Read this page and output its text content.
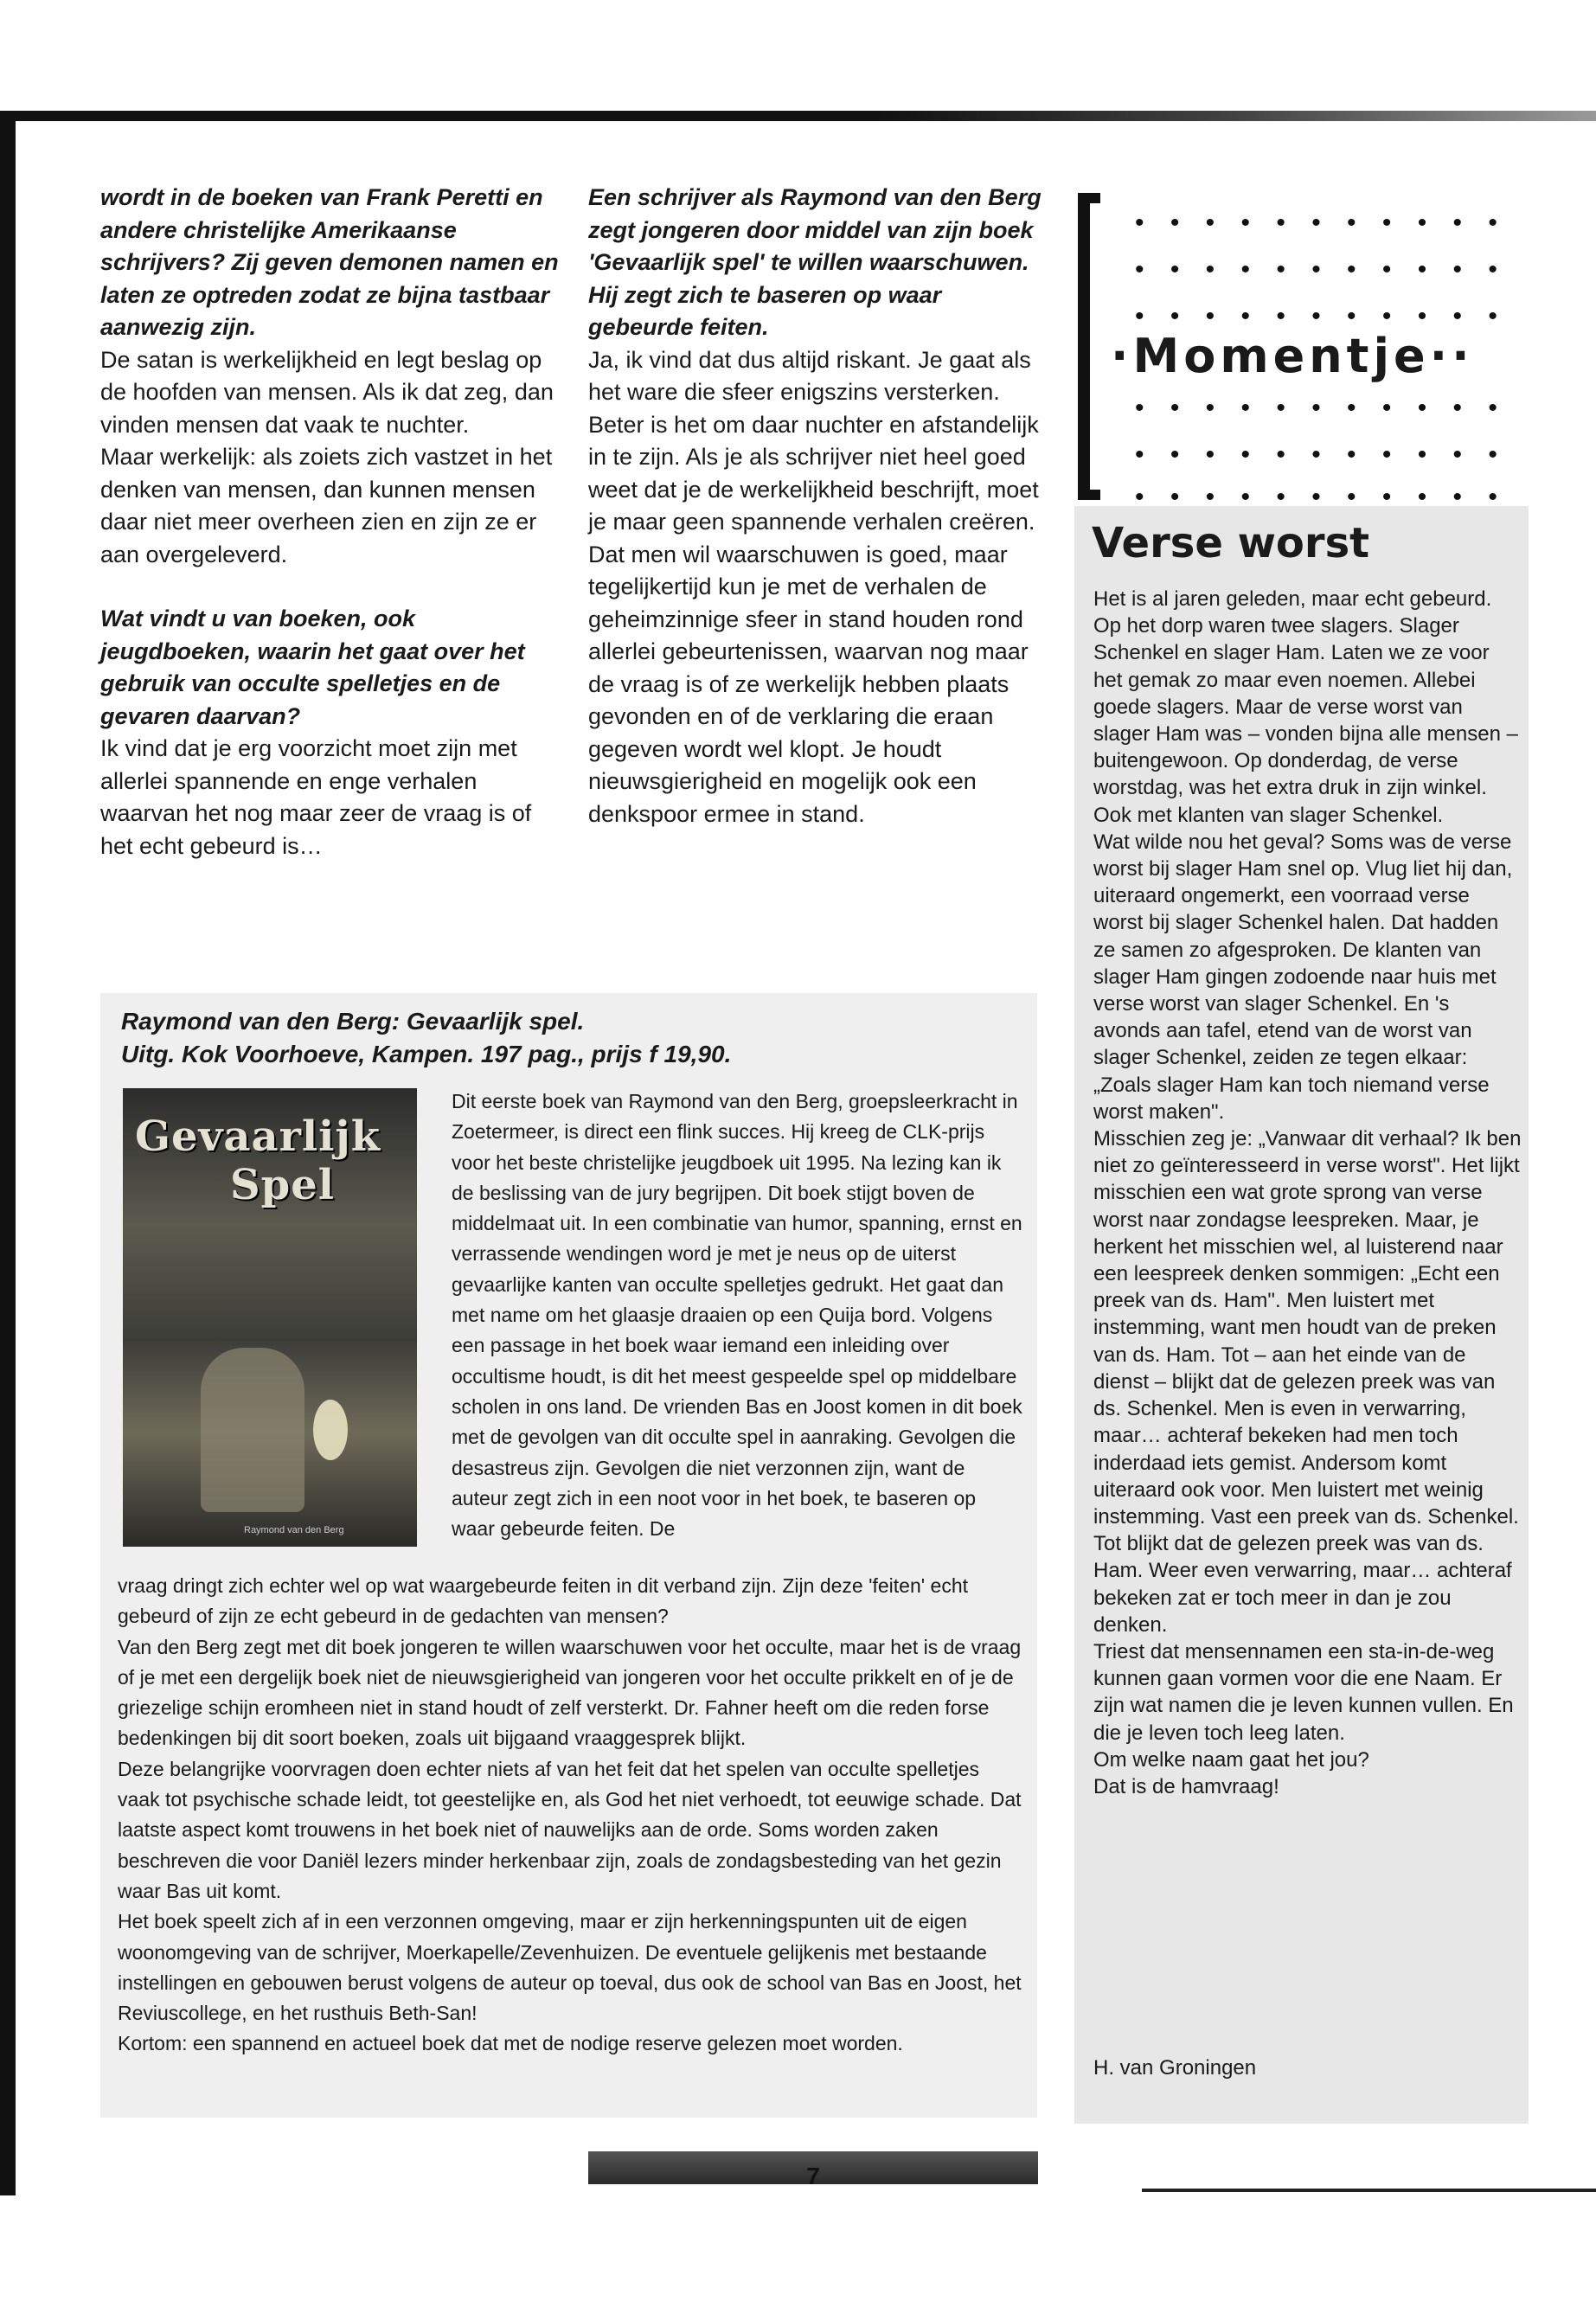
wordt in de boeken van Frank Peretti en andere christelijke Amerikaanse schrijvers? Zij geven demonen namen en laten ze optreden zodat ze bijna tastbaar aanwezig zijn.

De satan is werkelijkheid en legt beslag op de hoofden van mensen. Als ik dat zeg, dan vinden mensen dat vaak te nuchter.

Maar werkelijk: als zoiets zich vastzet in het denken van mensen, dan kunnen mensen daar niet meer overheen zien en zijn ze er aan overgeleverd.

Wat vindt u van boeken, ook jeugdboeken, waarin het gaat over het gebruik van occulte spelletjes en de gevaren daarvan?

Ik vind dat je erg voorzicht moet zijn met allerlei spannende en enge verhalen waarvan het nog maar zeer de vraag is of het echt gebeurd is…

Een schrijver als Raymond van den Berg zegt jongeren door middel van zijn boek 'Gevaarlijk spel' te willen waarschuwen. Hij zegt zich te baseren op waar gebeurde feiten.

Ja, ik vind dat dus altijd riskant. Je gaat als het ware die sfeer enigszins versterken. Beter is het om daar nuchter en afstandelijk in te zijn. Als je als schrijver niet heel goed weet dat je de werkelijkheid beschrijft, moet je maar geen spannende verhalen creëren.

Dat men wil waarschuwen is goed, maar tegelijkertijd kun je met de verhalen de geheimzinnige sfeer in stand houden rond allerlei gebeurtenissen, waarvan nog maar de vraag is of ze werkelijk hebben plaats gevonden en of de verklaring die eraan gegeven wordt wel klopt. Je houdt nieuwsgierigheid en mogelijk ook een denkspoor ermee in stand.

Raymond van den Berg: Gevaarlijk spel.
Uitg. Kok Voorhoeve, Kampen. 197 pag., prijs f 19,90.
Gevaarlijk
Spel
Raymond van den Berg

Dit eerste boek van Raymond van den Berg, groepsleerkracht in Zoetermeer, is direct een flink succes. Hij kreeg de CLK-prijs voor het beste christelijke jeugdboek uit 1995. Na lezing kan ik de beslissing van de jury begrijpen. Dit boek stijgt boven de middelmaat uit. In een combinatie van humor, spanning, ernst en verrassende wendingen word je met je neus op de uiterst gevaarlijke kanten van occulte spelletjes gedrukt. Het gaat dan met name om het glaasje draaien op een Quija bord. Volgens een passage in het boek waar iemand een inleiding over occultisme houdt, is dit het meest gespeelde spel op middelbare scholen in ons land. De vrienden Bas en Joost komen in dit boek met de gevolgen van dit occulte spel in aanraking. Gevolgen die desastreus zijn. Gevolgen die niet verzonnen zijn, want de auteur zegt zich in een noot voor in het boek, te baseren op waar gebeurde feiten. De

vraag dringt zich echter wel op wat waargebeurde feiten in dit verband zijn. Zijn deze 'feiten' echt gebeurd of zijn ze echt gebeurd in de gedachten van mensen?

Van den Berg zegt met dit boek jongeren te willen waarschuwen voor het occulte, maar het is de vraag of je met een dergelijk boek niet de nieuwsgierigheid van jongeren voor het occulte prikkelt en of je de griezelige schijn eromheen niet in stand houdt of zelf versterkt. Dr. Fahner heeft om die reden forse bedenkingen bij dit soort boeken, zoals uit bijgaand vraaggesprek blijkt.

Deze belangrijke voorvragen doen echter niets af van het feit dat het spelen van occulte spelletjes vaak tot psychische schade leidt, tot geestelijke en, als God het niet verhoedt, tot eeuwige schade. Dat laatste aspect komt trouwens in het boek niet of nauwelijks aan de orde. Soms worden zaken beschreven die voor Daniël lezers minder herkenbaar zijn, zoals de zondagsbesteding van het gezin waar Bas uit komt.

Het boek speelt zich af in een verzonnen omgeving, maar er zijn herkenningspunten uit de eigen woonomgeving van de schrijver, Moerkapelle/Zevenhuizen. De eventuele gelijkenis met bestaande instellingen en gebouwen berust volgens de auteur op toeval, dus ook de school van Bas en Joost, het Reviuscollege, en het rusthuis Beth-San!

Kortom: een spannend en actueel boek dat met de nodige reserve gelezen moet worden.

7
• • • • • • • • • • •
• • • • • • • • • • •
• • • • • • • • • • •
·Momentje··
• • • • • • • • • • •
• • • • • • • • • • •
• • • • • • • • • • •
Verse worst

Het is al jaren geleden, maar echt gebeurd. Op het dorp waren twee slagers. Slager Schenkel en slager Ham. Laten we ze voor het gemak zo maar even noemen. Allebei goede slagers. Maar de verse worst van slager Ham was – vonden bijna alle mensen – buitengewoon. Op donderdag, de verse worstdag, was het extra druk in zijn winkel. Ook met klanten van slager Schenkel.

Wat wilde nou het geval? Soms was de verse worst bij slager Ham snel op. Vlug liet hij dan, uiteraard ongemerkt, een voorraad verse worst bij slager Schenkel halen. Dat hadden ze samen zo afgesproken. De klanten van slager Ham gingen zodoende naar huis met verse worst van slager Schenkel. En 's avonds aan tafel, etend van de worst van slager Schenkel, zeiden ze tegen elkaar: „Zoals slager Ham kan toch niemand verse worst maken".

Misschien zeg je: „Vanwaar dit verhaal? Ik ben niet zo geïnteresseerd in verse worst". Het lijkt misschien een wat grote sprong van verse worst naar zondagse leespreken. Maar, je herkent het misschien wel, al luisterend naar een leespreek denken sommigen: „Echt een preek van ds. Ham". Men luistert met instemming, want men houdt van de preken van ds. Ham. Tot – aan het einde van de dienst – blijkt dat de gelezen preek was van ds. Schenkel. Men is even in verwarring, maar… achteraf bekeken had men toch inderdaad iets gemist. Andersom komt uiteraard ook voor. Men luistert met weinig instemming. Vast een preek van ds. Schenkel. Tot blijkt dat de gelezen preek was van ds. Ham. Weer even verwarring, maar… achteraf bekeken zat er toch meer in dan je zou denken.

Triest dat mensennamen een sta-in-de-weg kunnen gaan vormen voor die ene Naam. Er zijn wat namen die je leven kunnen vullen. En die je leven toch leeg laten.

Om welke naam gaat het jou?

Dat is de hamvraag!

H. van Groningen
